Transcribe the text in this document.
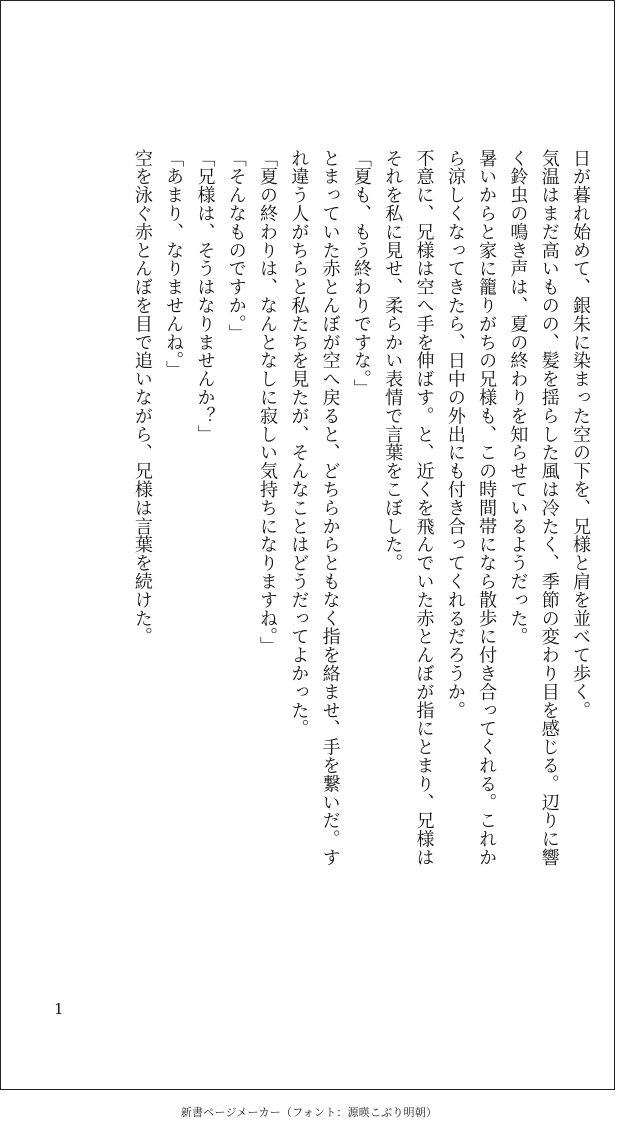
日が暮れ始めて、銀朱に染まった空の下を、兄様と肩を並べて歩く。
気温はまだ高いものの、髪を揺らした風は冷たく、季節の変わり目を感じる。辺りに響
く鈴虫の鳴き声は、夏の終わりを知らせているようだった。
暑いからと家に籠りがちの兄様も、この時間帯になら散歩に付き合ってくれる。これか
ら涼しくなってきたら、日中の外出にも付き合ってくれるだろうか。
不意に、兄様は空へ手を伸ばす。と、近くを飛んでいた赤とんぼが指にとまり、兄様は
それを私に見せ、柔らかい表情で言葉をこぼした。
「夏も、もう終わりですな。」
とまっていた赤とんぼが空へ戻ると、どちらからともなく指を絡ませ、手を繋いだ。す
れ違う人がちらと私たちを見たが、そんなことはどうだってよかった。
「夏の終わりは、なんとなしに寂しい気持ちになりますね。」
「そんなものですか。」
「兄様は、そうはなりませんか？」
「あまり、なりませんね。」
空を泳ぐ赤とんぼを目で追いながら、兄様は言葉を続けた。
1
新書ページメーカー（フォント：源暎こぶり明朝）
